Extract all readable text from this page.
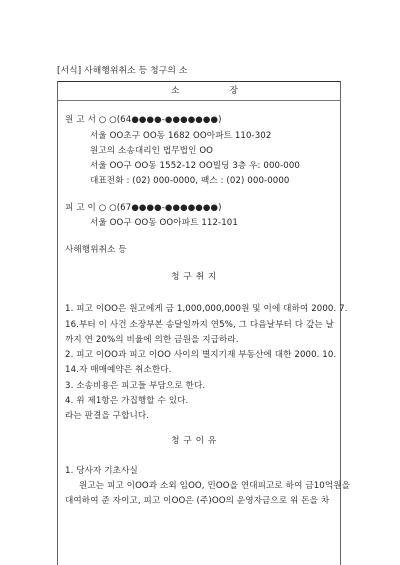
[서식] 사해행위취소 등 청구의 소
소               장
원 고 서 ○ ○(64●●●●-●●●●●●●)
서울 OO초구 OO동 1682 OO아파트 110-302
원고의 소송대리인 법무법인 OO
서울 OO구 OO동 1552-12 OO빌딩 3층 우: 000-000
대표전화 : (02) 000-0000, 팩스 : (02) 000-0000
피 고 이 ○ ○(67●●●●-●●●●●●●)
서울 OO구 OO동 OO아파트 112-101
사해행위취소 등
청 구 취 지
1. 피고 이OO은 원고에게 금 1,000,000,000원 및 이에 대하여 2000. 7.
16.부터 이 사건 소장부본 송달일까지 연5%, 그 다음날부터 다 갚는 날
까지 연 20%의 비율에 의한 금원을 지급하라.
2. 피고 이OO과 피고 이OO 사이의 별지기재 부동산에 대한 2000. 10.
14.자 매매예약은 취소한다.
3. 소송비용은 피고들 부담으로 한다.
4. 위 제1항은 가집행할 수 있다.
라는 판결을 구합니다.
청 구 이 유
1. 당사자 기초사실
원고는 피고 이OO과 소외 임OO, 민OO을 연대피고로 하여 금10억원을
대여하여 준 자이고, 피고 이OO은 (주)OO의 운영자금으로 위 돈을 차
